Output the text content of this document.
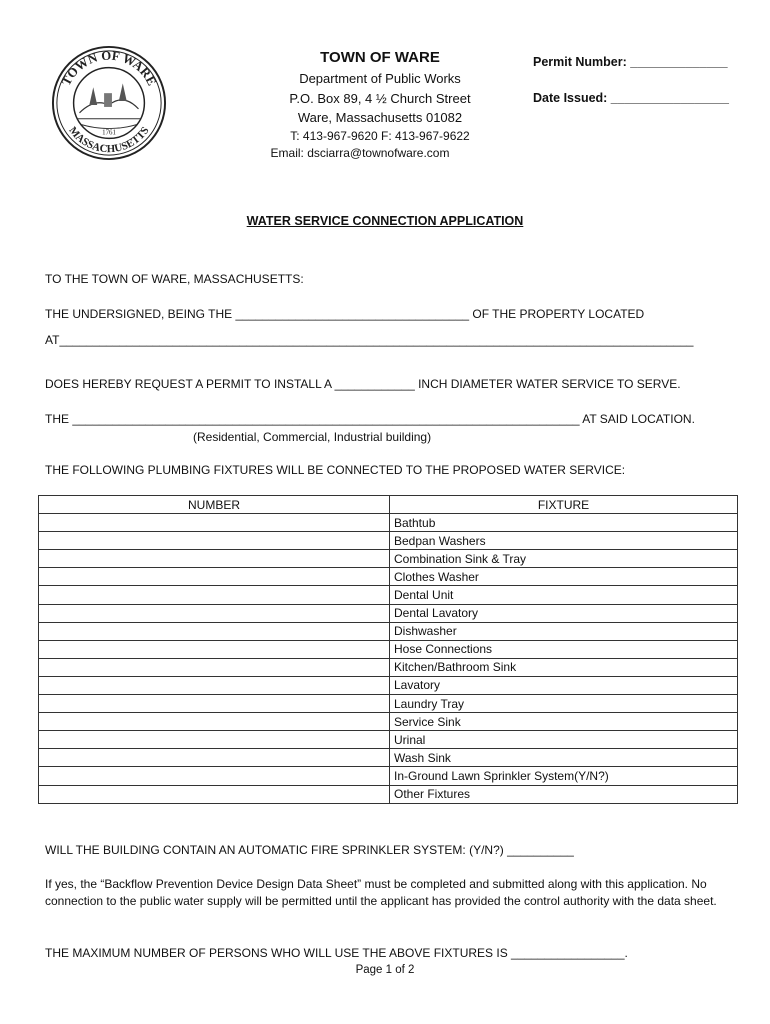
TOWN OF WARE
MASSACHUSETTS
1761
TOWN OF WARE
Department of Public Works
P.O. Box 89, 4 ½ Church Street
Ware, Massachusetts 01082
T: 413-967-9620 F: 413-967-9622
Email: dsciarra@townofware.com
Permit Number: ______________
Date Issued: _________________
WATER SERVICE CONNECTION APPLICATION
TO THE TOWN OF WARE, MASSACHUSETTS:
THE UNDERSIGNED, BEING THE ___________________________________ OF THE PROPERTY LOCATED
AT_______________________________________________________________________________________________
DOES HEREBY REQUEST A PERMIT TO INSTALL A ____________ INCH DIAMETER WATER SERVICE TO SERVE.
THE ____________________________________________________________________________ AT SAID LOCATION.
(Residential, Commercial, Industrial building)
THE FOLLOWING PLUMBING FIXTURES WILL BE CONNECTED TO THE PROPOSED WATER SERVICE:
NUMBER	FIXTURE
	Bathtub
	Bedpan Washers
	Combination Sink & Tray
	Clothes Washer
	Dental Unit
	Dental Lavatory
	Dishwasher
	Hose Connections
	Kitchen/Bathroom Sink
	Lavatory
	Laundry Tray
	Service Sink
	Urinal
	Wash Sink
	In-Ground Lawn Sprinkler System(Y/N?)
	Other Fixtures
WILL THE BUILDING CONTAIN AN AUTOMATIC FIRE SPRINKLER SYSTEM: (Y/N?) __________
If yes, the “Backflow Prevention Device Design Data Sheet” must be completed and submitted along with this application. No connection to the public water supply will be permitted until the applicant has provided the control authority with the data sheet.
THE MAXIMUM NUMBER OF PERSONS WHO WILL USE THE ABOVE FIXTURES IS _________________.
Page 1 of 2
